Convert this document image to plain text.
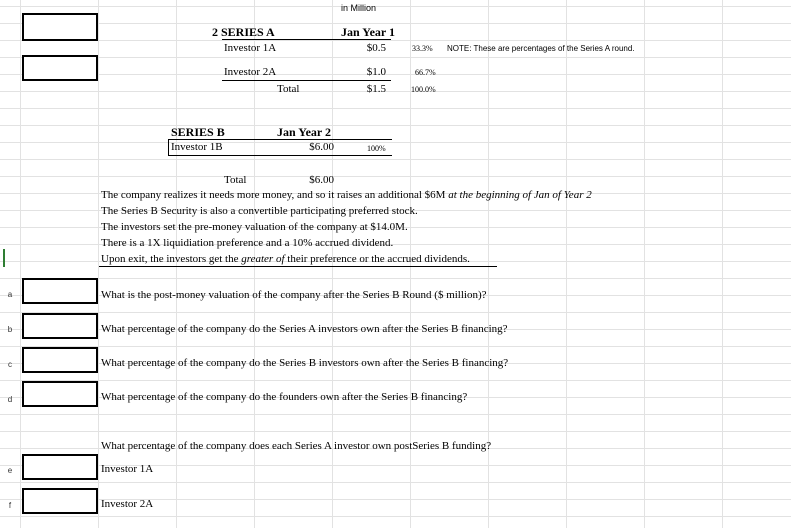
in Million
2 SERIES A	Jan Year 1
Investor 1A	$0.5	33.3% NOTE: These are percentages of the Series A round.
Investor 2A	$1.0	66.7%
Total	$1.5	100.0%
SERIES B	Jan Year 2
Investor 1B	$6.00	100%
Total	$6.00
The company realizes it needs more money, and so it raises an additional $6M at the beginning of Jan of Year 2
The Series B Security is also a convertible participating preferred stock.
The investors set the pre-money valuation of the company at $14.0M.
There is a 1X liquidiation preference and a 10% accrued dividend.
Upon exit, the investors get the greater of their preference or the accrued dividends.
a	What is the post-money valuation of the company after the Series B Round ($ million)?
b	What percentage of the company do the Series A investors own after the Series B financing?
c	What percentage of the company do the Series B investors own after the Series B financing?
d	What percentage of the company do the founders own after the Series B financing?
What percentage of the company does each Series A investor own postSeries B funding?
e	Investor 1A
f	Investor 2A
